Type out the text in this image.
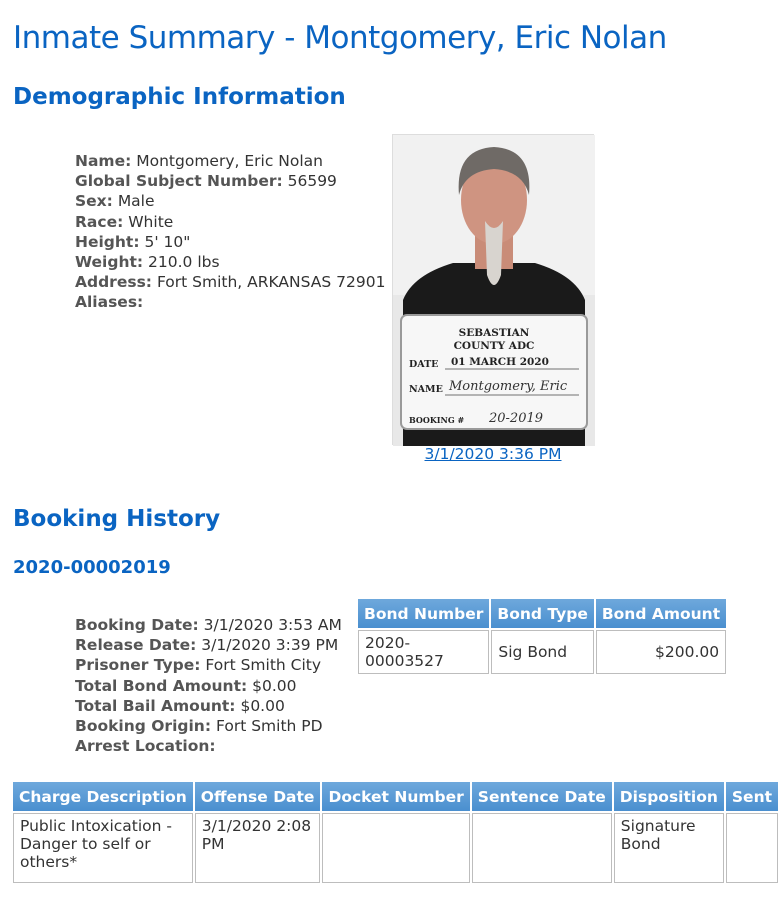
Inmate Summary - Montgomery, Eric Nolan
Demographic Information
Name: Montgomery, Eric Nolan
Global Subject Number: 56599
Sex: Male
Race: White
Height: 5' 10"
Weight: 210.0 lbs
Address: Fort Smith, ARKANSAS 72901
Aliases:
SEBASTIAN
COUNTY ADC
DATE 01 MARCH 2020
NAME Montgomery, Eric
BOOKING # 20-2019
3/1/2020 3:36 PM
Booking History
2020-00002019
Booking Date: 3/1/2020 3:53 AM
Release Date: 3/1/2020 3:39 PM
Prisoner Type: Fort Smith City
Total Bond Amount: $0.00
Total Bail Amount: $0.00
Booking Origin: Fort Smith PD
Arrest Location:
Bond Number	Bond Type	Bond Amount
2020-00003527	Sig Bond	$200.00
Charge Description	Offense Date	Docket Number	Sentence Date	Disposition	Sent
Public Intoxication - Danger to self or others*	3/1/2020 2:08 PM			Signature Bond	
